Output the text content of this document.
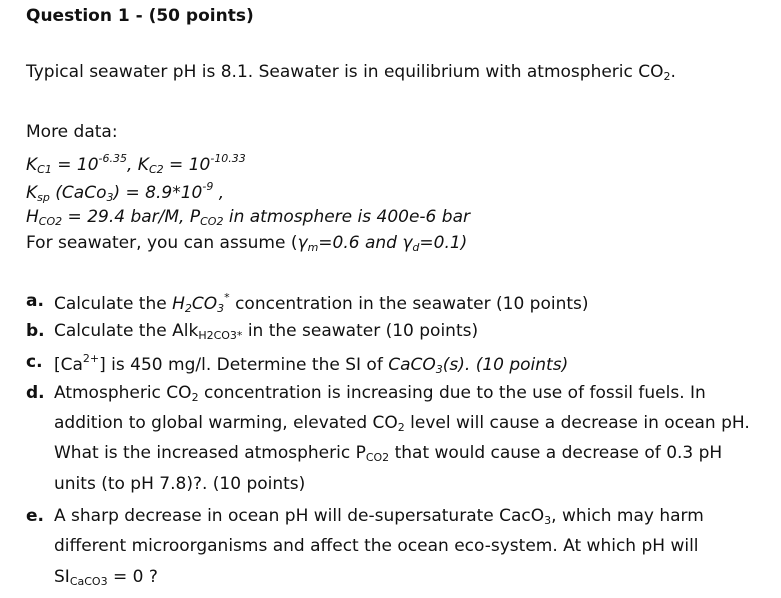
Question 1 - (50 points)
Typical seawater pH is 8.1. Seawater is in equilibrium with atmospheric $CO_2$.
More data:
$K_{C1} = 10^{-6.35}$, $K_{C2} = 10^{-10.33}$
$K_{sp}$ (CaCo$_3$) = $8.9*10^{-9}$ ,
$H_{CO2} = 29.4$ bar/M, $P_{CO2}$ in atmosphere is 400e-6 bar
For seawater, you can assume ($\gamma_m=0.6$ and $\gamma_d=0.1$)
a. Calculate the $H_2CO_3^*$ concentration in the seawater (10 points)
b. Calculate the Alk$_{H2CO3*}$ in the seawater (10 points)
c. $[Ca^{2+}]$ is 450 mg/l. Determine the SI of CaCO$_3$(s). (10 points)
d. Atmospheric $CO_2$ concentration is increasing due to the use of fossil fuels. In
addition to global warming, elevated $CO_2$ level will cause a decrease in ocean pH.
What is the increased atmospheric $P_{CO2}$ that would cause a decrease of 0.3 pH
units (to pH 7.8)?. (10 points)
e. A sharp decrease in ocean pH will de-supersaturate CacO$_3$, which may harm
different microorganisms and affect the ocean eco-system. At which pH will
$SI_{CaCO3} = 0$ ?
